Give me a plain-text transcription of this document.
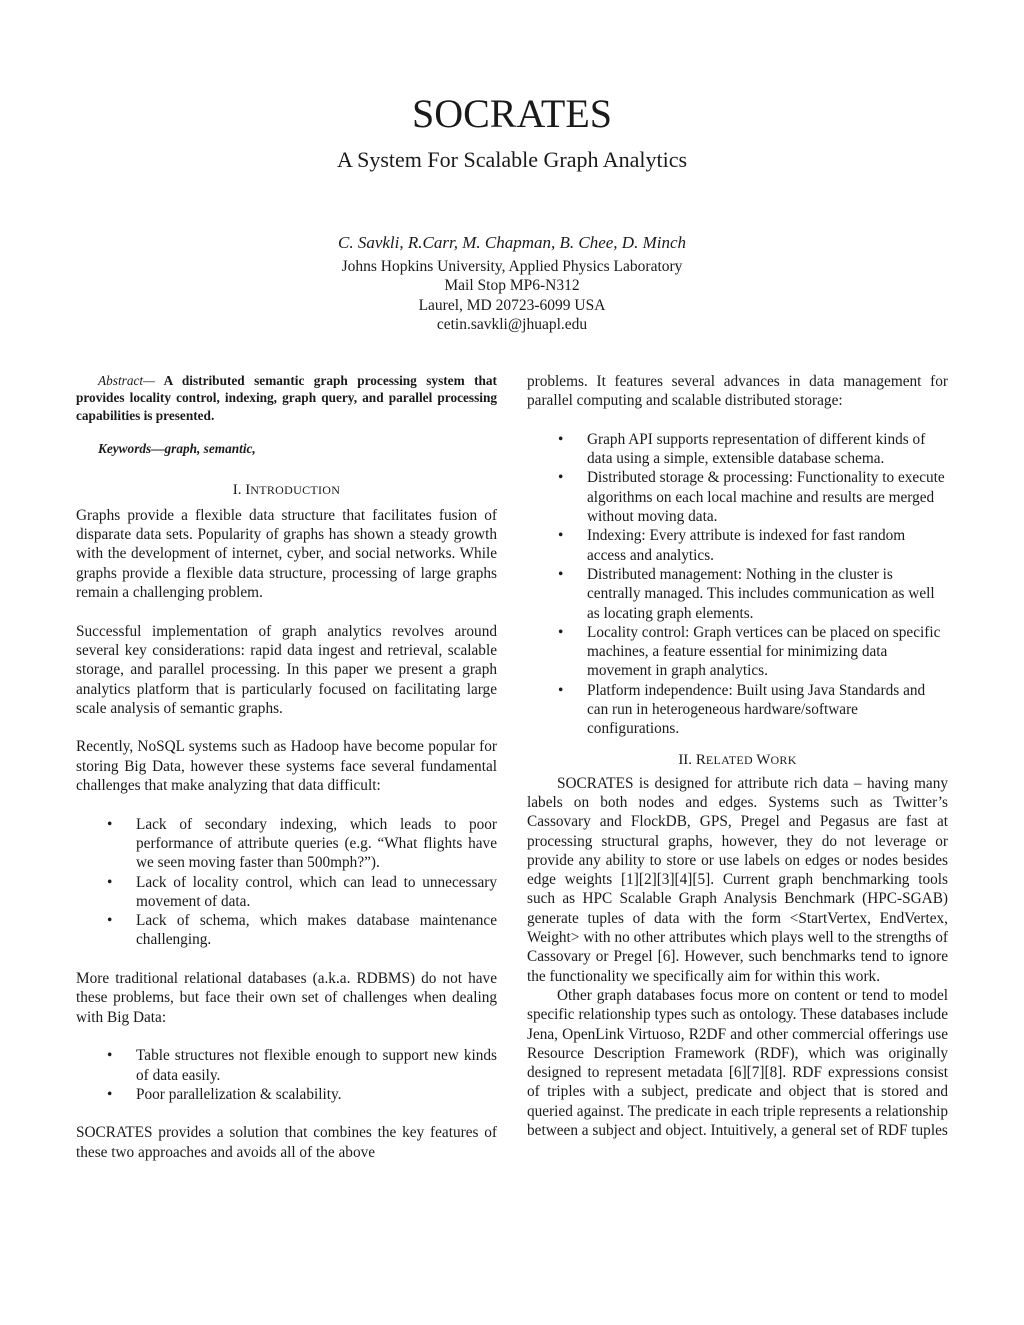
SOCRATES
A System For Scalable Graph Analytics
C. Savkli, R.Carr, M. Chapman, B. Chee, D. Minch
Johns Hopkins University, Applied Physics Laboratory
Mail Stop MP6-N312
Laurel, MD 20723-6099 USA
cetin.savkli@jhuapl.edu

Abstract— A distributed semantic graph processing system that provides locality control, indexing, graph query, and parallel processing capabilities is presented.

Keywords—graph, semantic,

I. INTRODUCTION

Graphs provide a flexible data structure that facilitates fusion of disparate data sets. Popularity of graphs has shown a steady growth with the development of internet, cyber, and social networks. While graphs provide a flexible data structure, processing of large graphs remain a challenging problem.

Successful implementation of graph analytics revolves around several key considerations: rapid data ingest and retrieval, scalable storage, and parallel processing. In this paper we present a graph analytics platform that is particularly focused on facilitating large scale analysis of semantic graphs.

Recently, NoSQL systems such as Hadoop have become popular for storing Big Data, however these systems face several fundamental challenges that make analyzing that data difficult:

• Lack of secondary indexing, which leads to poor performance of attribute queries (e.g. “What flights have we seen moving faster than 500mph?”).
• Lack of locality control, which can lead to unnecessary movement of data.
• Lack of schema, which makes database maintenance challenging.

More traditional relational databases (a.k.a. RDBMS) do not have these problems, but face their own set of challenges when dealing with Big Data:

• Table structures not flexible enough to support new kinds of data easily.
• Poor parallelization & scalability.

SOCRATES provides a solution that combines the key features of these two approaches and avoids all of the above

problems. It features several advances in data management for parallel computing and scalable distributed storage:

• Graph API supports representation of different kinds of data using a simple, extensible database schema.
• Distributed storage & processing: Functionality to execute algorithms on each local machine and results are merged without moving data.
• Indexing: Every attribute is indexed for fast random access and analytics.
• Distributed management: Nothing in the cluster is centrally managed. This includes communication as well as locating graph elements.
• Locality control: Graph vertices can be placed on specific machines, a feature essential for minimizing data movement in graph analytics.
• Platform independence: Built using Java Standards and can run in heterogeneous hardware/software configurations.
II. RELATED WORK

SOCRATES is designed for attribute rich data – having many labels on both nodes and edges. Systems such as Twitter’s Cassovary and FlockDB, GPS, Pregel and Pegasus are fast at processing structural graphs, however, they do not leverage or provide any ability to store or use labels on edges or nodes besides edge weights [1][2][3][4][5]. Current graph benchmarking tools such as HPC Scalable Graph Analysis Benchmark (HPC-SGAB) generate tuples of data with the form <StartVertex, EndVertex, Weight> with no other attributes which plays well to the strengths of Cassovary or Pregel [6]. However, such benchmarks tend to ignore the functionality we specifically aim for within this work.

Other graph databases focus more on content or tend to model specific relationship types such as ontology. These databases include Jena, OpenLink Virtuoso, R2DF and other commercial offerings use Resource Description Framework (RDF), which was originally designed to represent metadata [6][7][8]. RDF expressions consist of triples with a subject, predicate and object that is stored and queried against. The predicate in each triple represents a relationship between a subject and object. Intuitively, a general set of RDF tuples
